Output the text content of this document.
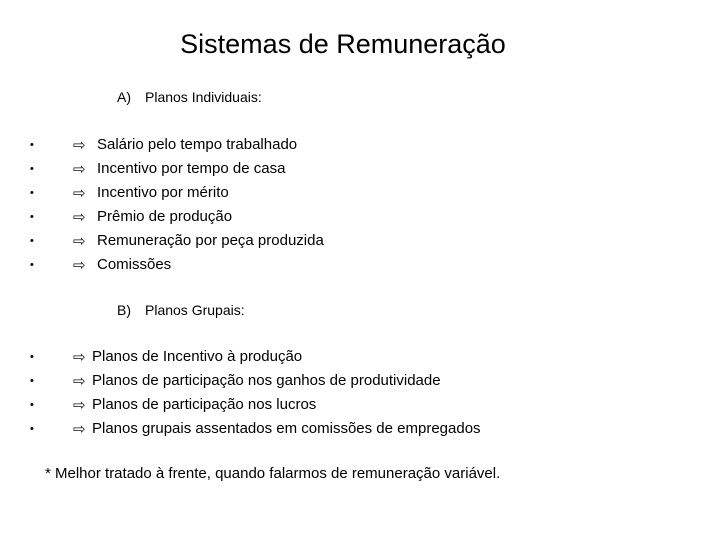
Sistemas de Remuneração
A) Planos Individuais:
•	⇨ Salário pelo tempo trabalhado
•	⇨ Incentivo por tempo de casa
•	⇨ Incentivo por mérito
•	⇨ Prêmio de produção
•	⇨ Remuneração por peça produzida
•	⇨ Comissões
B) Planos Grupais:
•	⇨ Planos de Incentivo à produção
•	⇨ Planos de participação nos ganhos de produtividade
•	⇨ Planos de participação nos lucros
•	⇨ Planos grupais assentados em comissões de empregados
* Melhor tratado à frente, quando falarmos de remuneração variável.
